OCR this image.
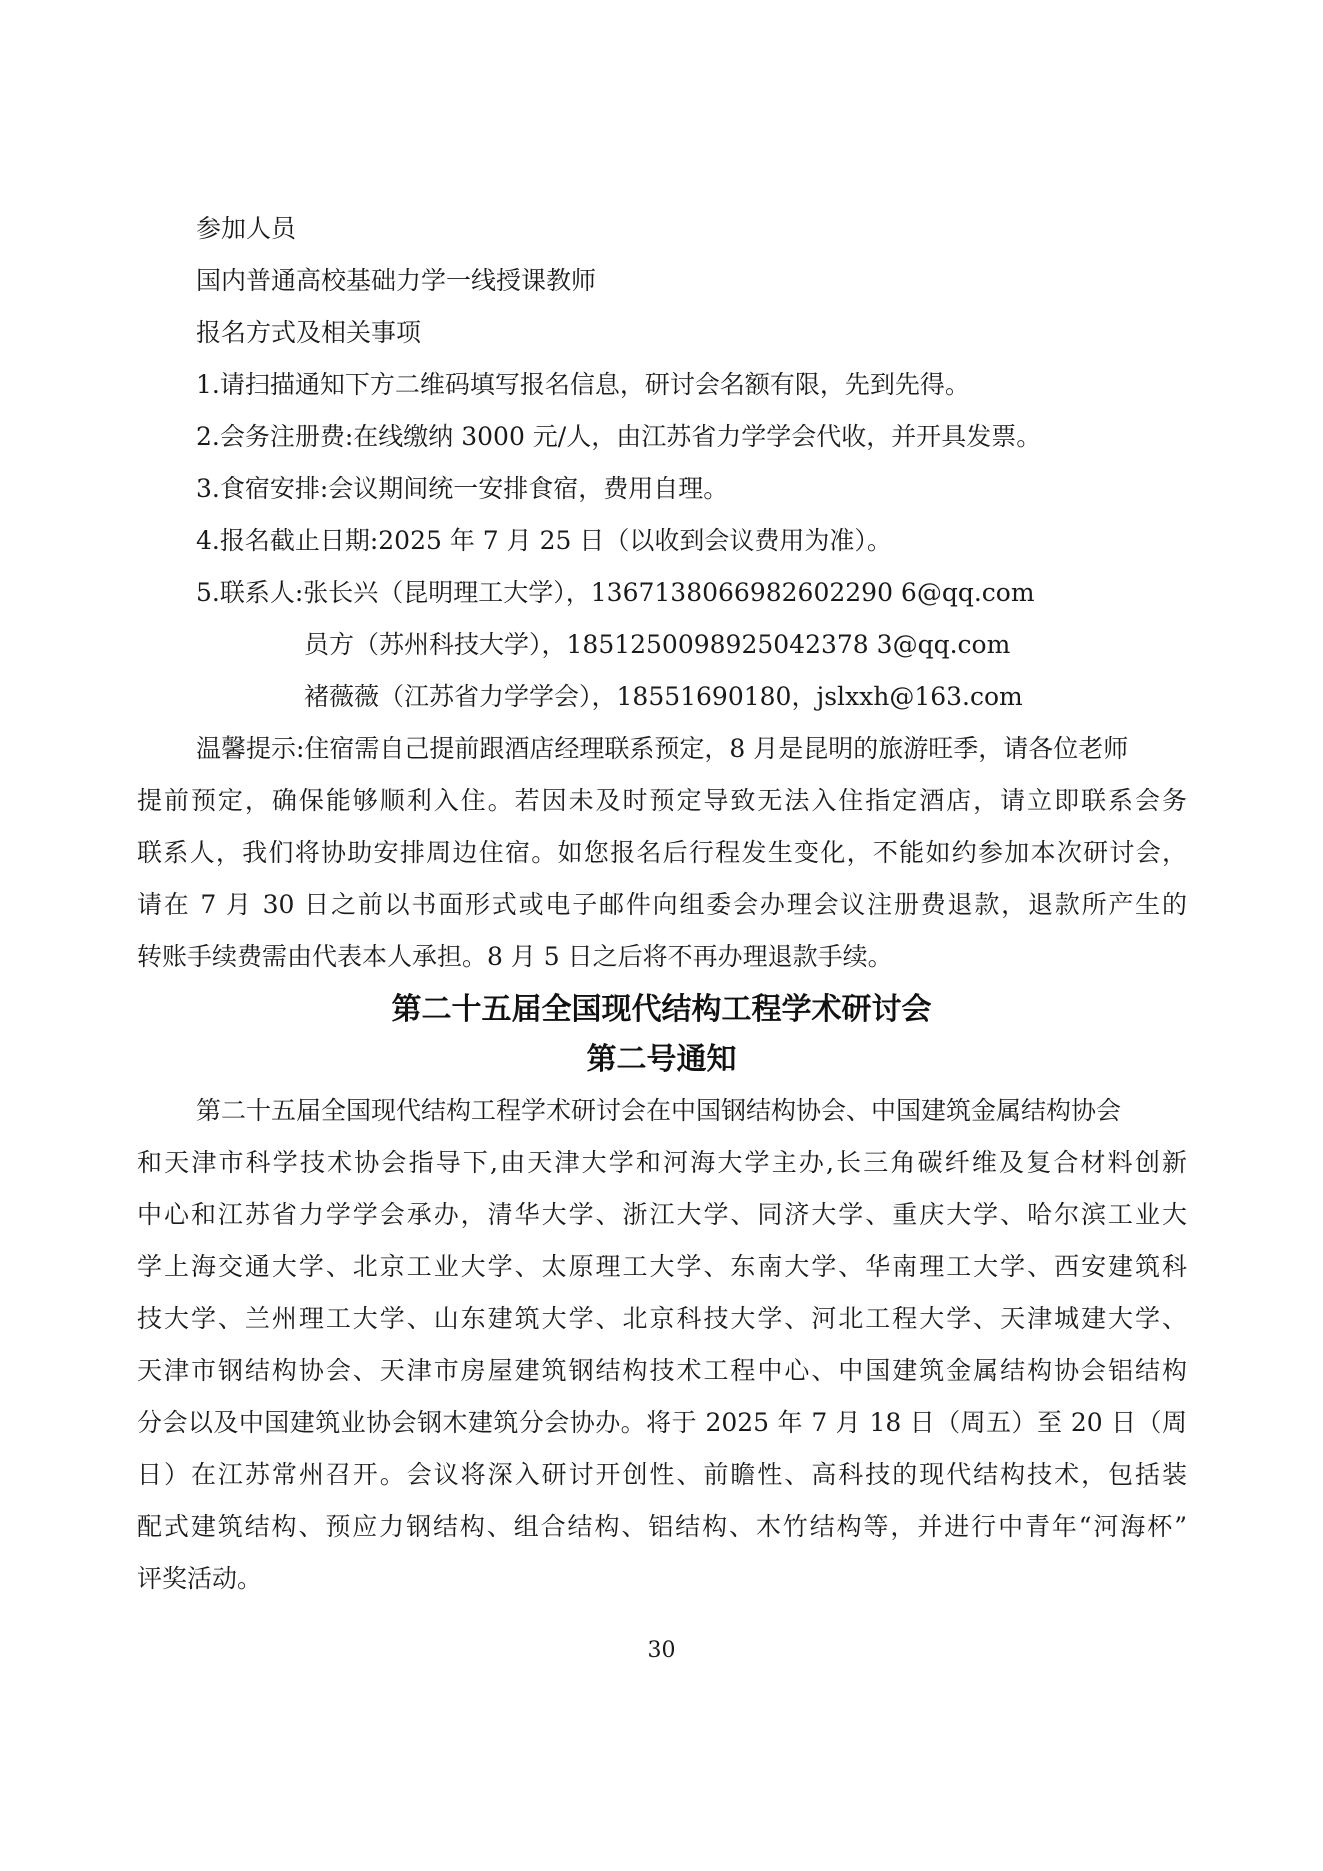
参加人员
国内普通高校基础力学一线授课教师
报名方式及相关事项
1.请扫描通知下方二维码填写报名信息，研讨会名额有限，先到先得。
2.会务注册费:在线缴纳 3000 元/人，由江苏省力学学会代收，并开具发票。
3.食宿安排:会议期间统一安排食宿，费用自理。
4.报名截止日期:2025 年 7 月 25 日（以收到会议费用为准）。
5.联系人:张长兴（昆明理工大学），1367138066982602290 6@qq.com
员方（苏州科技大学），1851250098925042378 3@qq.com
褚薇薇（江苏省力学学会），18551690180，jslxxh@163.com
温馨提示:住宿需自己提前跟酒店经理联系预定，8 月是昆明的旅游旺季，请各位老师
提前预定，确保能够顺利入住。若因未及时预定导致无法入住指定酒店，请立即联系会务
联系人，我们将协助安排周边住宿。如您报名后行程发生变化，不能如约参加本次研讨会，
请在 7 月 30 日之前以书面形式或电子邮件向组委会办理会议注册费退款，退款所产生的
转账手续费需由代表本人承担。8 月 5 日之后将不再办理退款手续。
第二十五届全国现代结构工程学术研讨会
第二号通知
第二十五届全国现代结构工程学术研讨会在中国钢结构协会、中国建筑金属结构协会
和天津市科学技术协会指导下,由天津大学和河海大学主办,长三角碳纤维及复合材料创新
中心和江苏省力学学会承办，清华大学、浙江大学、同济大学、重庆大学、哈尔滨工业大
学上海交通大学、北京工业大学、太原理工大学、东南大学、华南理工大学、西安建筑科
技大学、兰州理工大学、山东建筑大学、北京科技大学、河北工程大学、天津城建大学、
天津市钢结构协会、天津市房屋建筑钢结构技术工程中心、中国建筑金属结构协会铝结构
分会以及中国建筑业协会钢木建筑分会协办。将于 2025 年 7 月 18 日（周五）至 20 日（周
日）在江苏常州召开。会议将深入研讨开创性、前瞻性、高科技的现代结构技术，包括装
配式建筑结构、预应力钢结构、组合结构、铝结构、木竹结构等，并进行中青年“河海杯”
评奖活动。
30
